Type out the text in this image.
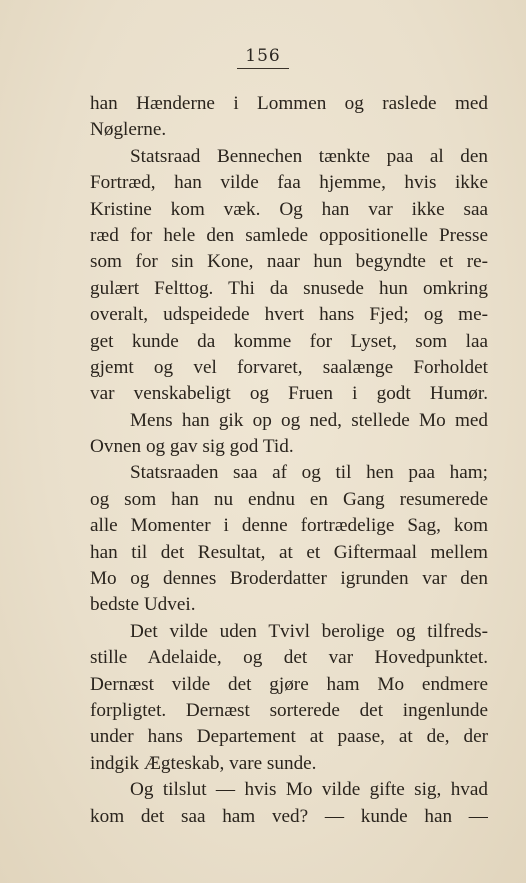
156
han Hænderne i Lommen og raslede med
Nøglerne.
Statsraad Bennechen tænkte paa al den
Fortræd, han vilde faa hjemme, hvis ikke
Kristine kom væk. Og han var ikke saa
ræd for hele den samlede oppositionelle Presse
som for sin Kone, naar hun begyndte et re-
gulært Felttog. Thi da snusede hun omkring
overalt, udspeidede hvert hans Fjed; og me-
get kunde da komme for Lyset, som laa
gjemt og vel forvaret, saalænge Forholdet
var venskabeligt og Fruen i godt Humør.
Mens han gik op og ned, stellede Mo med
Ovnen og gav sig god Tid.
Statsraaden saa af og til hen paa ham;
og som han nu endnu en Gang resumerede
alle Momenter i denne fortrædelige Sag, kom
han til det Resultat, at et Giftermaal mellem
Mo og dennes Broderdatter igrunden var den
bedste Udvei.
Det vilde uden Tvivl berolige og tilfreds-
stille Adelaide, og det var Hovedpunktet.
Dernæst vilde det gjøre ham Mo endmere
forpligtet. Dernæst sorterede det ingenlunde
under hans Departement at paase, at de, der
indgik Ægteskab, vare sunde.
Og tilslut — hvis Mo vilde gifte sig, hvad
kom det saa ham ved? — kunde han —
